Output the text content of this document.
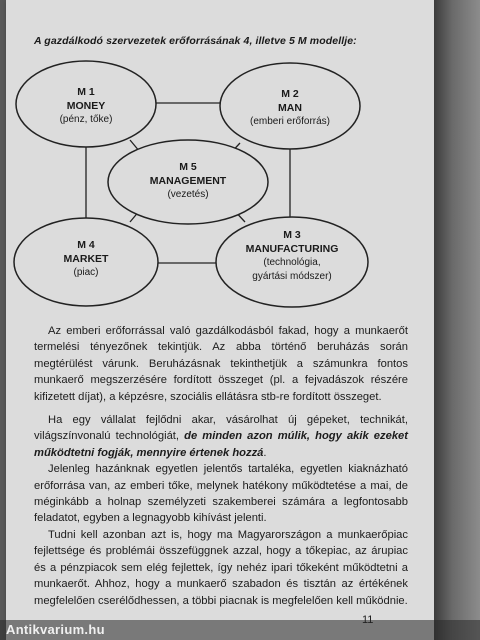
A gazdálkodó szervezetek erőforrásának 4, illetve 5 M modellje:
M 1
MONEY
(pénz, tőke)
M 2
MAN
(emberi erőforrás)
M 5
MANAGEMENT
(vezetés)
M 4
MARKET
(piac)
M 3
MANUFACTURING
(technológia,
gyártási módszer)

Az emberi erőforrással való gazdálkodásból fakad, hogy a munkaerőt termelési tényezőnek tekintjük. Az abba történő beruházás során megtérülést várunk. Beruházásnak tekinthetjük a számunkra fontos munkaerő megszerzésére fordított összeget (pl. a fejvadászok részére kifizetett díjat), a képzésre, szociális ellátásra stb-re fordított összeget.

Ha egy vállalat fejlődni akar, vásárolhat új gépeket, technikát, világszínvonalú technológiát, de minden azon múlik, hogy akik ezeket működtetni fogják, mennyire értenek hozzá.

Jelenleg hazánknak egyetlen jelentős tartaléka, egyetlen kiaknázható erőforrása van, az emberi tőke, melynek hatékony működtetése a mai, de méginkább a holnap személyzeti szakemberei számára a legfontosabb feladatot, egyben a legnagyobb kihívást jelenti.

Tudni kell azonban azt is, hogy ma Magyarországon a munkaerőpiac fejlettsége és problémái összefüggnek azzal, hogy a tőkepiac, az árupiac és a pénzpiacok sem elég fejlettek, így nehéz ipari tőkeként működtetni a munkaerőt. Ahhoz, hogy a munkaerő szabadon és tisztán az értékének megfelelően cserélődhessen, a többi piacnak is megfelelően kell működnie.

Antikvarium.hu
